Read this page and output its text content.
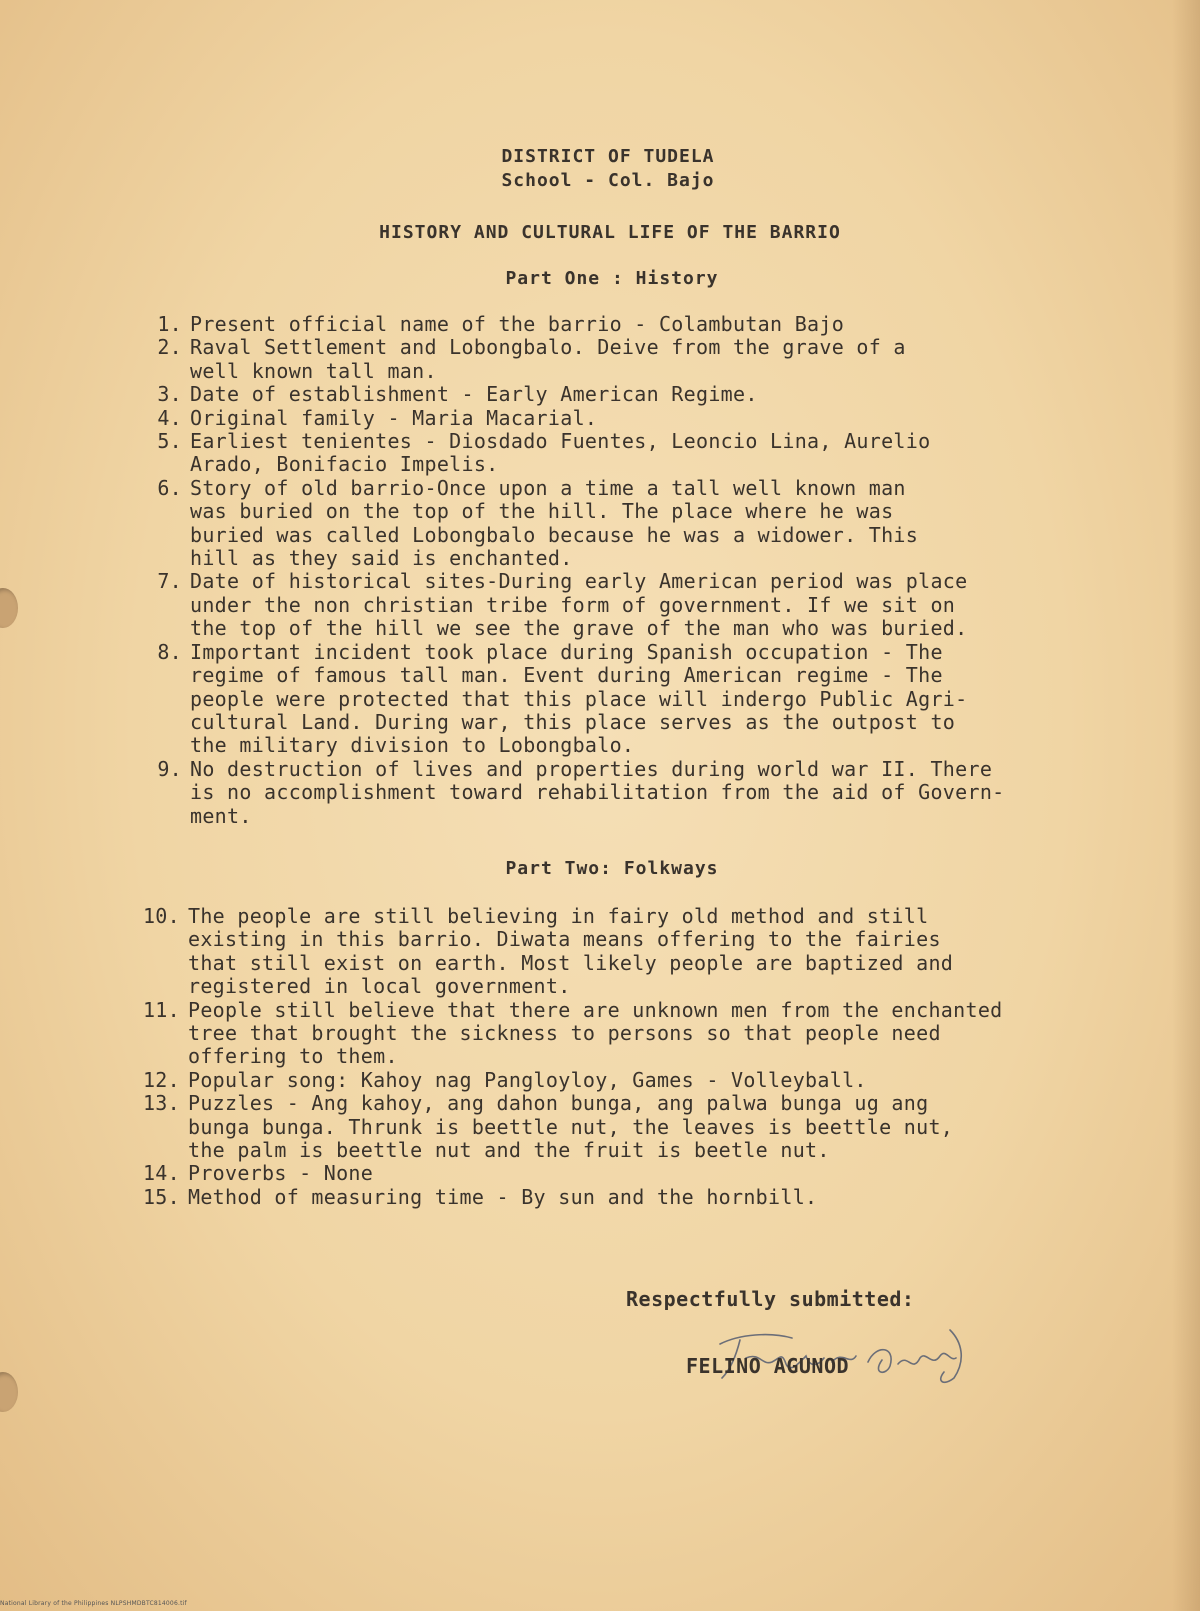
DISTRICT OF TUDELA
School - Col. Bajo
HISTORY AND CULTURAL LIFE OF THE BARRIO
Part One : History
1. Present official name of the barrio - Colambutan Bajo
2. Raval Settlement and Lobongbalo. Deive from the grave of a
well known tall man.
3. Date of establishment - Early American Regime.
4. Original family - Maria Macarial.
5. Earliest tenientes - Diosdado Fuentes, Leoncio Lina, Aurelio
Arado, Bonifacio Impelis.
6. Story of old barrio-Once upon a time a tall well known man
was buried on the top of the hill. The place where he was
buried was called Lobongbalo because he was a widower. This
hill as they said is enchanted.
7. Date of historical sites-During early American period was place
under the non christian tribe form of government. If we sit on
the top of the hill we see the grave of the man who was buried.
8. Important incident took place during Spanish occupation - The
regime of famous tall man. Event during American regime - The
people were protected that this place will indergo Public Agri-
cultural Land. During war, this place serves as the outpost to
the military division to Lobongbalo.
9. No destruction of lives and properties during world war II. There
is no accomplishment toward rehabilitation from the aid of Govern-
ment.
Part Two: Folkways
10. The people are still believing in fairy old method and still
existing in this barrio. Diwata means offering to the fairies
that still exist on earth. Most likely people are baptized and
registered in local government.
11. People still believe that there are unknown men from the enchanted
tree that brought the sickness to persons so that people need
offering to them.
12. Popular song: Kahoy nag Pangloyloy, Games - Volleyball.
13. Puzzles - Ang kahoy, ang dahon bunga, ang palwa bunga ug ang
bunga bunga. Thrunk is beettle nut, the leaves is beettle nut,
the palm is beettle nut and the fruit is beetle nut.
14. Proverbs - None
15. Method of measuring time - By sun and the hornbill.
Respectfully submitted:
FELINO AGUNOD
National Library of the Philippines NLPSHMDBTC814006.tif
